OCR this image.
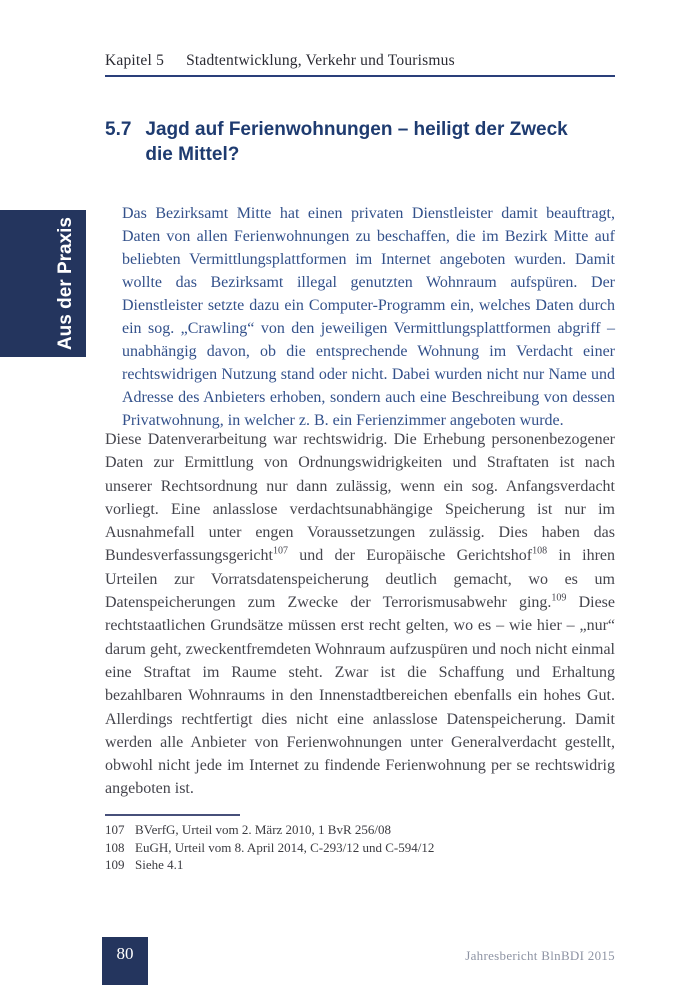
Kapitel 5 Stadtentwicklung, Verkehr und Tourismus
5.7 Jagd auf Ferienwohnungen – heiligt der Zweck die Mittel?
Aus der Praxis

Das Bezirksamt Mitte hat einen privaten Dienstleister damit beauftragt, Daten von allen Ferienwohnungen zu beschaffen, die im Bezirk Mitte auf beliebten Vermittlungsplattformen im Internet angeboten wurden. Damit wollte das Bezirksamt illegal genutzten Wohnraum aufspüren. Der Dienstleister setzte dazu ein Computer-Programm ein, welches Daten durch ein sog. „Crawling“ von den jeweiligen Vermittlungsplattformen abgriff – unabhängig davon, ob die entsprechende Wohnung im Verdacht einer rechtswidrigen Nutzung stand oder nicht. Dabei wurden nicht nur Name und Adresse des Anbieters erhoben, sondern auch eine Beschreibung von dessen Privatwohnung, in welcher z. B. ein Ferienzimmer angeboten wurde.

Diese Datenverarbeitung war rechtswidrig. Die Erhebung personenbezogener Daten zur Ermittlung von Ordnungswidrigkeiten und Straftaten ist nach unserer Rechtsordnung nur dann zulässig, wenn ein sog. Anfangsverdacht vorliegt. Eine anlasslose verdachtsunabhängige Speicherung ist nur im Ausnahmefall unter engen Voraussetzungen zulässig. Dies haben das Bundesverfassungsgericht$^{107}$ und der Europäische Gerichtshof$^{108}$ in ihren Urteilen zur Vorratsdatenspeicherung deutlich gemacht, wo es um Datenspeicherungen zum Zwecke der Terrorismusabwehr ging.$^{109}$ Diese rechtstaatlichen Grundsätze müssen erst recht gelten, wo es – wie hier – „nur“ darum geht, zweckentfremdeten Wohnraum aufzuspüren und noch nicht einmal eine Straftat im Raume steht. Zwar ist die Schaffung und Erhaltung bezahlbaren Wohnraums in den Innenstadtbereichen ebenfalls ein hohes Gut. Allerdings rechtfertigt dies nicht eine anlasslose Datenspeicherung. Damit werden alle Anbieter von Ferienwohnungen unter Generalverdacht gestellt, obwohl nicht jede im Internet zu findende Ferienwohnung per se rechtswidrig angeboten ist.

107 BVerfG, Urteil vom 2. März 2010, 1 BvR 256/08
108 EuGH, Urteil vom 8. April 2014, C-293/12 und C-594/12
109 Siehe 4.1
80	Jahresbericht BlnBDI 2015
